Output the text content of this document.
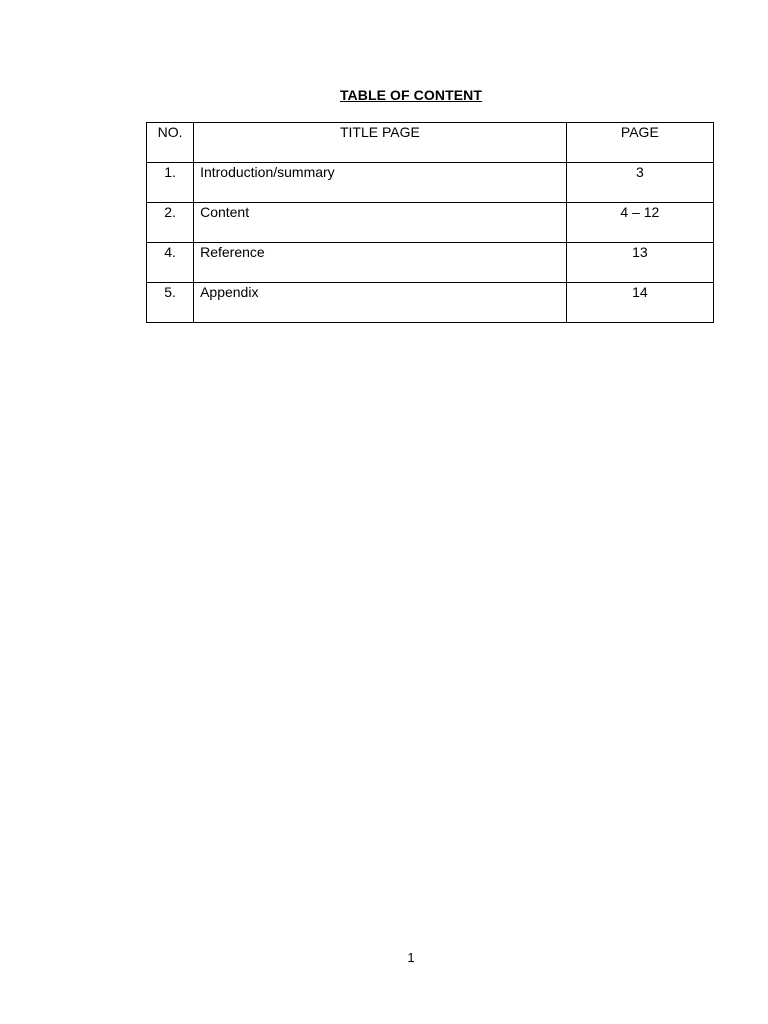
TABLE OF CONTENT
NO.	TITLE PAGE	PAGE

1.	Introduction/summary	3

2.	Content	4 – 12

4.	Reference	13

5.	Appendix	14
1
